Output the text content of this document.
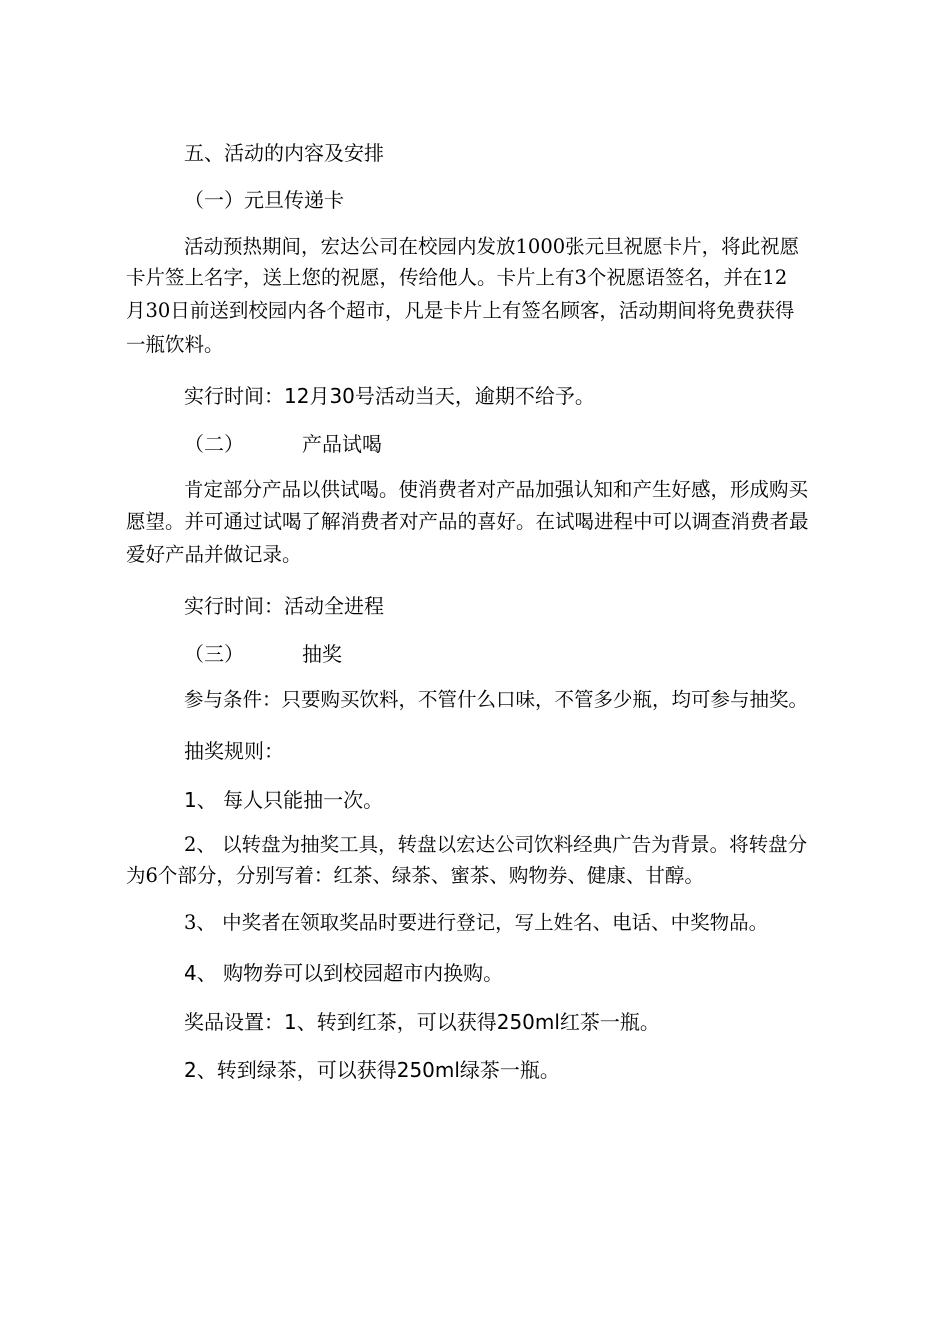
五、活动的内容及安排
（一）元旦传递卡
活动预热期间，宏达公司在校园内发放1000张元旦祝愿卡片，将此祝愿
卡片签上名字，送上您的祝愿，传给他人。卡片上有3个祝愿语签名，并在12
月30日前送到校园内各个超市，凡是卡片上有签名顾客，活动期间将免费获得
一瓶饮料。
实行时间：12月30号活动当天，逾期不给予。
（二）	产品试喝
肯定部分产品以供试喝。使消费者对产品加强认知和产生好感，形成购买
愿望。并可通过试喝了解消费者对产品的喜好。在试喝进程中可以调查消费者最
爱好产品并做记录。
实行时间：活动全进程
（三）	抽奖
参与条件：只要购买饮料，不管什么口味，不管多少瓶，均可参与抽奖。
抽奖规则：
1、 每人只能抽一次。
2、 以转盘为抽奖工具，转盘以宏达公司饮料经典广告为背景。将转盘分
为6个部分，分别写着：红茶、绿茶、蜜茶、购物券、健康、甘醇。
3、 中奖者在领取奖品时要进行登记，写上姓名、电话、中奖物品。
4、 购物券可以到校园超市内换购。
奖品设置：1、转到红茶，可以获得250ml红茶一瓶。
2、转到绿茶，可以获得250ml绿茶一瓶。
